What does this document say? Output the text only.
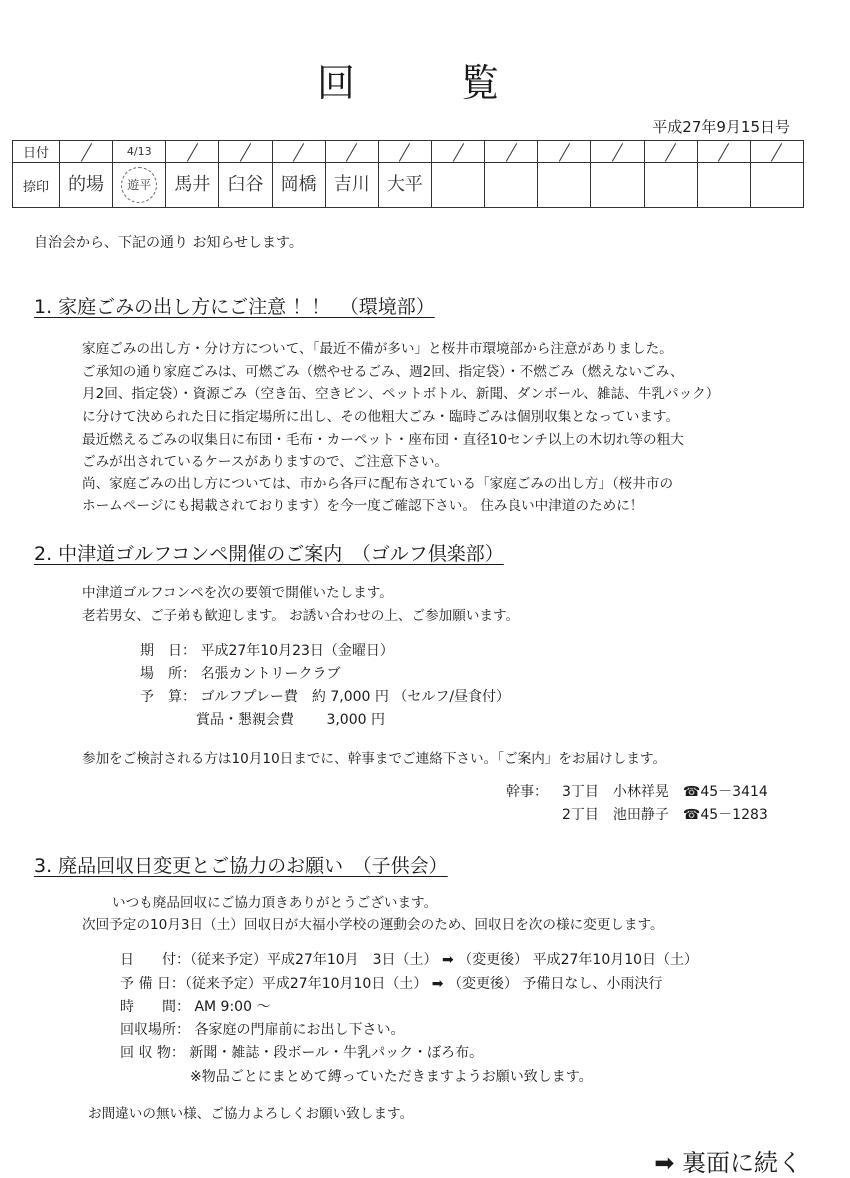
回　覧
平成27年9月15日号
日付		4/13	

捺印	的場	遊平	馬井	臼谷	岡橋	吉川	大平							
自治会から、下記の通り お知らせします。
1. 家庭ごみの出し方にご注意 ！！　（環境部）
家庭ごみの出し方・分け方について、「最近不備が多い」と桜井市環境部から注意がありました。
ご承知の通り家庭ごみは、可燃ごみ（燃やせるごみ、週2回、指定袋）・不燃ごみ（燃えないごみ、
月2回、指定袋）・資源ごみ（空き缶、空きビン、ペットボトル、新聞、ダンボール、雑誌、牛乳パック）
に分けて決められた日に指定場所に出し、その他粗大ごみ・臨時ごみは個別収集となっています。
最近燃えるごみの収集日に布団・毛布・カーペット・座布団・直径10センチ以上の木切れ等の粗大
ごみが出されているケースがありますので、ご注意下さい。
尚、家庭ごみの出し方については、市から各戸に配布されている「家庭ごみの出し方」（桜井市の
ホームページにも掲載されております）を今一度ご確認下さい。 住み良い中津道のために！
2. 中津道ゴルフコンペ開催のご案内　（ゴルフ倶楽部）
中津道ゴルフコンペを次の要領で開催いたします。
老若男女、ご子弟も歓迎します。 お誘い合わせの上、ご参加願います。
期　日： 平成27年10月23日（金曜日）
場　所： 名張カントリークラブ
予　算： ゴルフプレー費　約 7,000 円 （セルフ/昼食付）
　　　　賞品・懇親会費　　 3,000 円
参加をご検討される方は10月10日までに、幹事までご連絡下さい。「ご案内」をお届けします。
幹事： 3丁目　小林祥晃　☎45－3414
2丁目　池田静子　☎45－1283
3. 廃品回収日変更とご協力のお願い　（子供会）
いつも廃品回収にご協力頂きありがとうございます。
次回予定の10月3日（土）回収日が大福小学校の運動会のため、回収日を次の様に変更します。
日　　付：（従来予定）平成27年10月　3日（土） ➡ （変更後） 平成27年10月10日（土）
予 備 日：（従来予定）平成27年10月10日（土） ➡ （変更後） 予備日なし、小雨決行
時　　間： AM 9:00 ～
回収場所： 各家庭の門扉前にお出し下さい。
回 収 物： 新聞・雑誌・段ボール・牛乳パック・ぼろ布。
　　　　　※物品ごとにまとめて縛っていただきますようお願い致します。
お間違いの無い様、ご協力よろしくお願い致します。
➡ 裏面に続く
